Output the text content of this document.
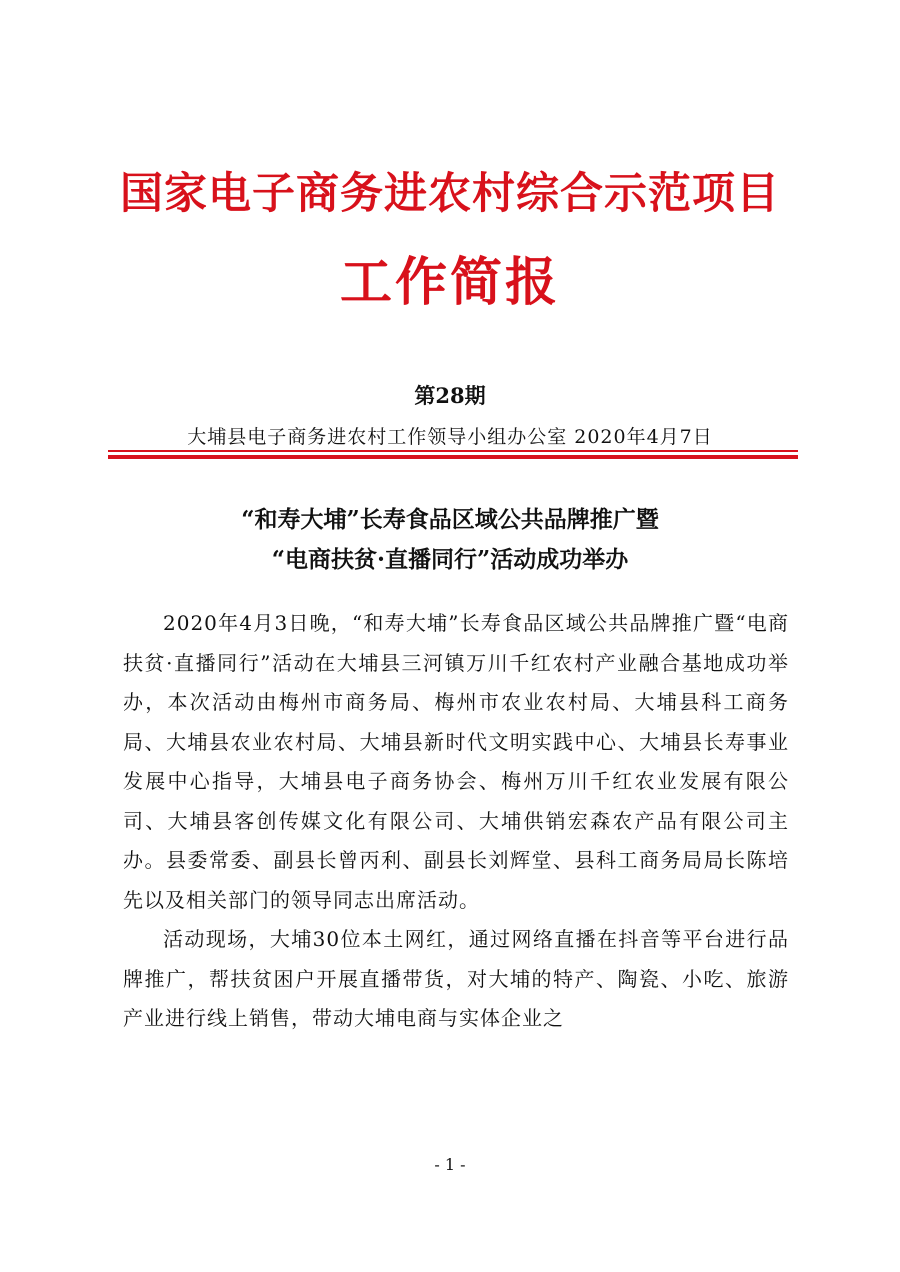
国家电子商务进农村综合示范项目
工作简报
第28期
大埔县电子商务进农村工作领导小组办公室 2020年4月7日
“和寿大埔”长寿食品区域公共品牌推广暨
“电商扶贫·直播同行”活动成功举办

2020年4月3日晚，“和寿大埔”长寿食品区域公共品牌推广暨“电商扶贫·直播同行”活动在大埔县三河镇万川千红农村产业融合基地成功举办，本次活动由梅州市商务局、梅州市农业农村局、大埔县科工商务局、大埔县农业农村局、大埔县新时代文明实践中心、大埔县长寿事业发展中心指导，大埔县电子商务协会、梅州万川千红农业发展有限公司、大埔县客创传媒文化有限公司、大埔供销宏森农产品有限公司主办。县委常委、副县长曾丙利、副县长刘辉堂、县科工商务局局长陈培先以及相关部门的领导同志出席活动。

活动现场，大埔30位本土网红，通过网络直播在抖音等平台进行品牌推广，帮扶贫困户开展直播带货，对大埔的特产、陶瓷、小吃、旅游产业进行线上销售，带动大埔电商与实体企业之

- 1 -
